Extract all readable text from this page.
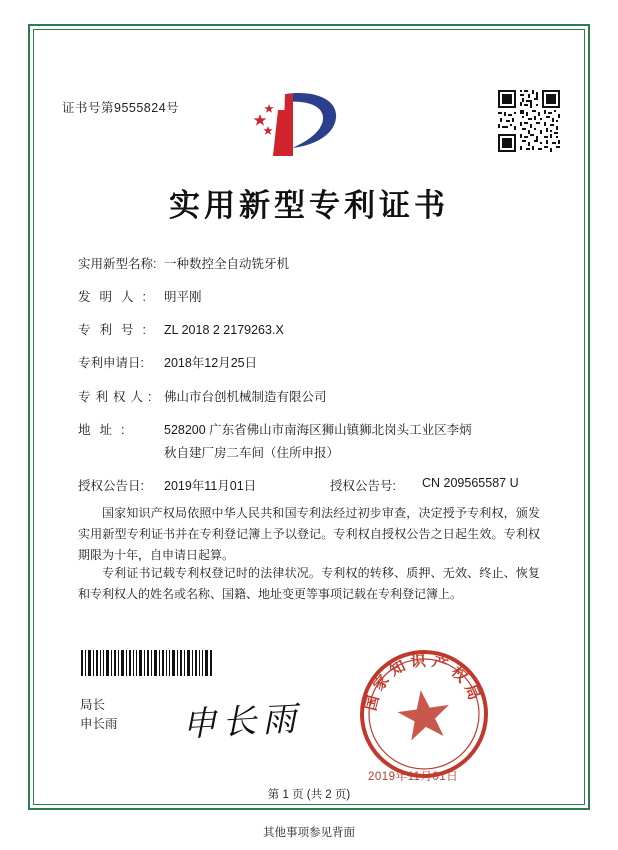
证书号第9555824号
实用新型专利证书
实用新型名称: 一种数控全自动铣牙机
发明人: 明平刚
专利号: ZL 2018 2 2179263.X
专利申请日:	2018年12月25日
专利权人: 佛山市台创机械制造有限公司
地址:	528200 广东省佛山市南海区狮山镇狮北岗头工业区李炳
秋自建厂房二车间（住所申报）
授权公告日:	2019年11月01日	授权公告号:	CN 209565587 U
国家知识产权局依照中华人民共和国专利法经过初步审查，决定授予专利权，颁发实用新型专利证书并在专利登记簿上予以登记。专利权自授权公告之日起生效。专利权期限为十年，自申请日起算。
专利证书记载专利权登记时的法律状况。专利权的转移、质押、无效、终止、恢复和专利权人的姓名或名称、国籍、地址变更等事项记载在专利登记簿上。
局长
申长雨 申长雨	国家知识产权局
2019年11月01日
第 1 页 (共 2 页)
其他事项参见背面
